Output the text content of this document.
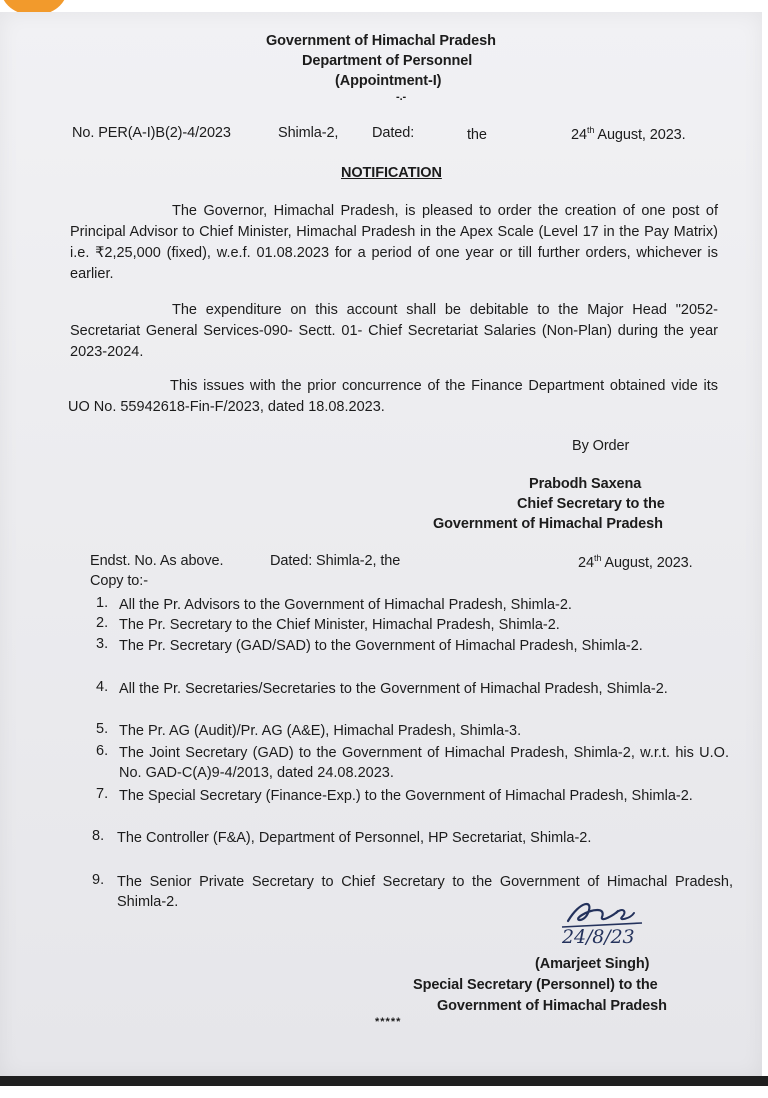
Government of Himachal Pradesh
Department of Personnel
(Appointment-I)
-.-
No. PER(A-I)B(2)-4/2023	Shimla-2, Dated:	the	24th August, 2023.
NOTIFICATION
The Governor, Himachal Pradesh, is pleased to order the creation of one post of Principal Advisor to Chief Minister, Himachal Pradesh in the Apex Scale (Level 17 in the Pay Matrix) i.e. ₹2,25,000 (fixed), w.e.f. 01.08.2023 for a period of one year or till further orders, whichever is earlier.
The expenditure on this account shall be debitable to the Major Head "2052- Secretariat General Services-090- Sectt. 01- Chief Secretariat Salaries (Non-Plan) during the year 2023-2024.
This issues with the prior concurrence of the Finance Department obtained vide its UO No. 55942618-Fin-F/2023, dated 18.08.2023.
By Order
Prabodh Saxena
Chief Secretary to the
Government of Himachal Pradesh
Endst. No. As above.	Dated: Shimla-2, the	24th August, 2023.
Copy to:-
1. All the Pr. Advisors to the Government of Himachal Pradesh, Shimla-2.
2. The Pr. Secretary to the Chief Minister, Himachal Pradesh, Shimla-2.
3. The Pr. Secretary (GAD/SAD) to the Government of Himachal Pradesh, Shimla-2.
4. All the Pr. Secretaries/Secretaries to the Government of Himachal Pradesh, Shimla-2.
5. The Pr. AG (Audit)/Pr. AG (A&E), Himachal Pradesh, Shimla-3.
6. The Joint Secretary (GAD) to the Government of Himachal Pradesh, Shimla-2, w.r.t. his U.O. No. GAD-C(A)9-4/2013, dated 24.08.2023.
7. The Special Secretary (Finance-Exp.) to the Government of Himachal Pradesh, Shimla-2.
8. The Controller (F&A), Department of Personnel, HP Secretariat, Shimla-2.
9. The Senior Private Secretary to Chief Secretary to the Government of Himachal Pradesh, Shimla-2.
24/8/23
(Amarjeet Singh)
Special Secretary (Personnel) to the
Government of Himachal Pradesh
*****
